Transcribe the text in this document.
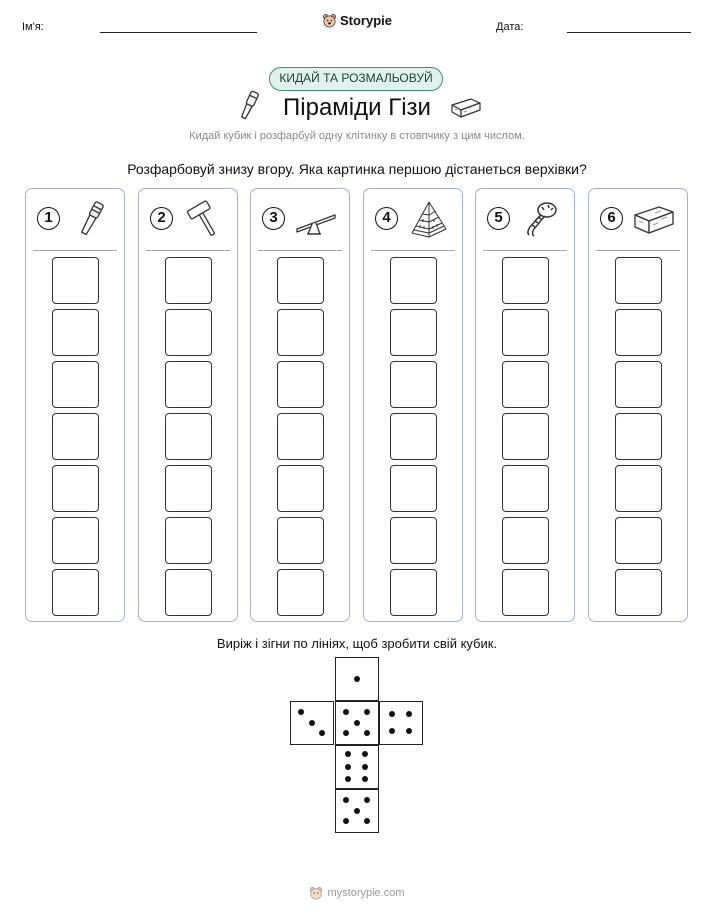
Ім'я:	Storypie	Дата:
КИДАЙ ТА РОЗМАЛЬОВУЙ
Піраміди Гізи
Кидай кубик і розфарбуй одну клітинку в стовпчику з цим числом.
Розфарбовуй знизу вгору. Яка картинка першою дістанеться верхівки?
1	2	3	4	5	6
Виріж і зігни по лініях, щоб зробити свій кубик.
mystorypie.com
